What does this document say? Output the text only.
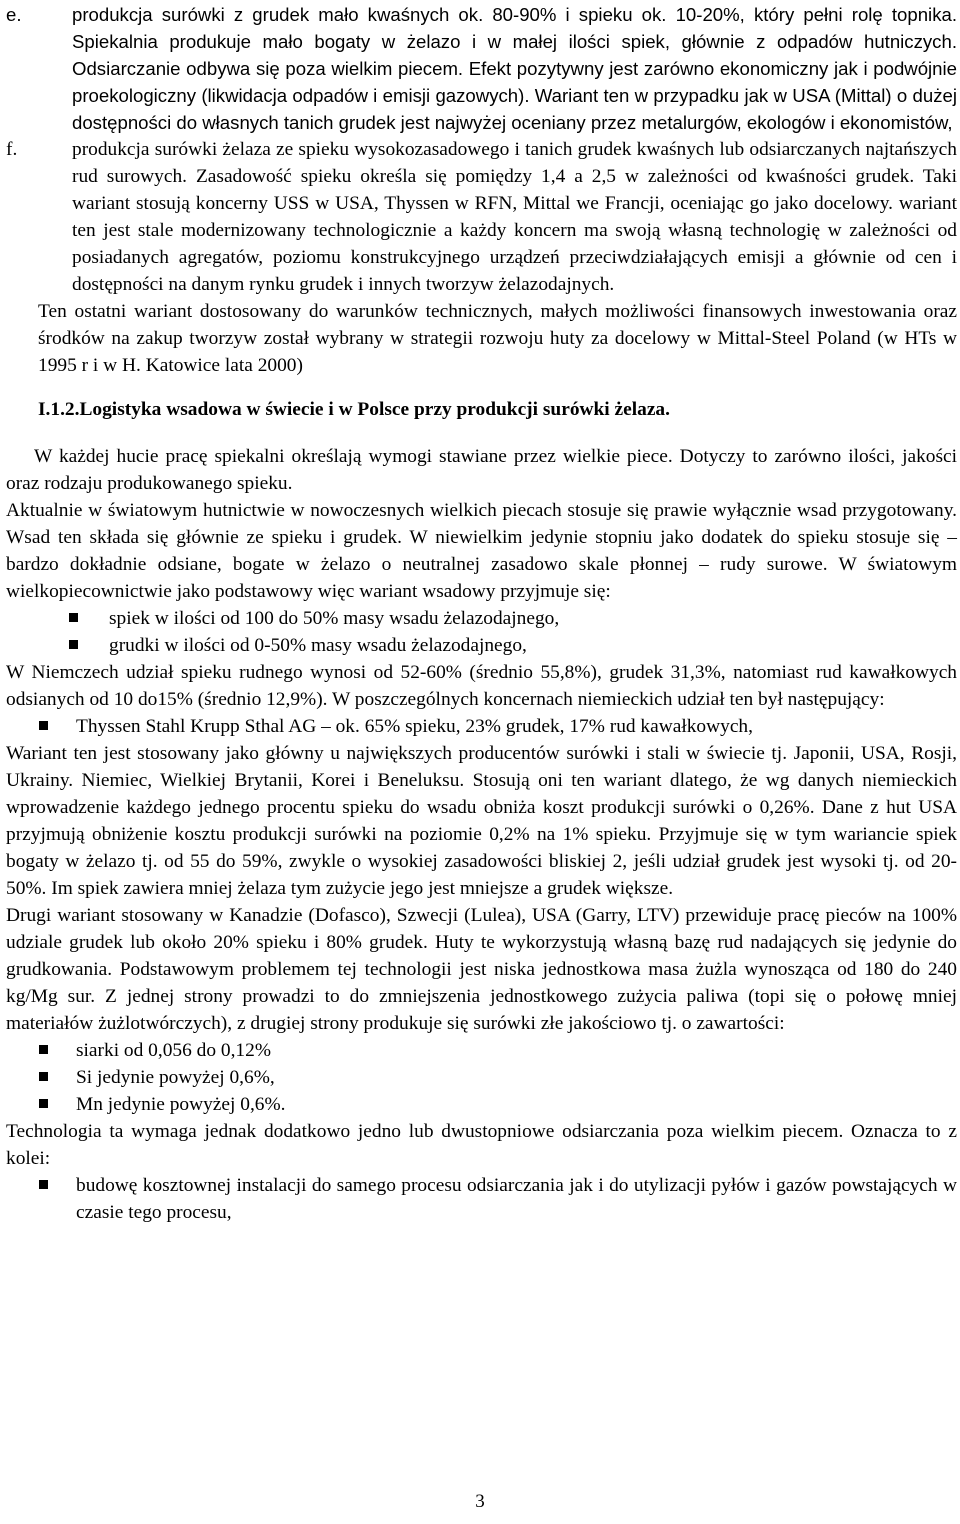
e.	produkcja surówki z grudek mało kwaśnych ok. 80-90% i spieku ok. 10-20%, który pełni rolę topnika. Spiekalnia produkuje mało bogaty w żelazo i w małej ilości spiek, głównie z odpadów hutniczych. Odsiarczanie odbywa się poza wielkim piecem. Efekt pozytywny jest zarówno ekonomiczny jak i podwójnie proekologiczny (likwidacja odpadów i emisji gazowych). Wariant ten w przypadku jak w USA (Mittal) o dużej dostępności do własnych tanich grudek jest najwyżej oceniany przez metalurgów, ekologów i ekonomistów,
f.	produkcja surówki żelaza ze spieku wysokozasadowego i tanich grudek kwaśnych lub odsiarczanych najtańszych rud surowych. Zasadowość spieku określa się pomiędzy 1,4 a 2,5 w zależności od kwaśności grudek. Taki wariant stosują koncerny USS w USA, Thyssen w RFN, Mittal we Francji, oceniając go jako docelowy. wariant ten jest stale modernizowany technologicznie a każdy koncern ma swoją własną technologię w zależności od posiadanych agregatów, poziomu konstrukcyjnego urządzeń przeciwdziałających emisji a głównie od cen i dostępności na danym rynku grudek i innych tworzyw żelazodajnych.
Ten ostatni wariant dostosowany do warunków technicznych, małych możliwości finansowych inwestowania oraz środków na zakup tworzyw został wybrany w strategii rozwoju huty za docelowy w Mittal-Steel Poland (w HTs w 1995 r i w H. Katowice lata 2000)
I.1.2.Logistyka wsadowa w świecie i w Polsce przy produkcji surówki żelaza.
W każdej hucie pracę spiekalni określają wymogi stawiane przez wielkie piece. Dotyczy to zarówno ilości, jakości oraz rodzaju produkowanego spieku.
Aktualnie w światowym hutnictwie w nowoczesnych wielkich piecach stosuje się prawie wyłącznie wsad przygotowany. Wsad ten składa się głównie ze spieku i grudek. W niewielkim jedynie stopniu jako dodatek do spieku stosuje się – bardzo dokładnie odsiane, bogate w żelazo o neutralnej zasadowo skale płonnej – rudy surowe. W światowym wielkopiecownictwie jako podstawowy więc wariant wsadowy przyjmuje się:
spiek w ilości od 100 do 50% masy wsadu żelazodajnego,
grudki w ilości od 0-50% masy wsadu żelazodajnego,
W Niemczech udział spieku rudnego wynosi od 52-60% (średnio 55,8%), grudek 31,3%, natomiast rud kawałkowych odsianych od 10 do15% (średnio 12,9%). W poszczególnych koncernach niemieckich udział ten był następujący:
Thyssen Stahl Krupp Sthal AG – ok. 65% spieku, 23% grudek, 17% rud kawałkowych,
Wariant ten jest stosowany jako główny u największych producentów surówki i stali w świecie tj. Japonii, USA, Rosji, Ukrainy. Niemiec, Wielkiej Brytanii, Korei i Beneluksu. Stosują oni ten wariant dlatego, że wg danych niemieckich wprowadzenie każdego jednego procentu spieku do wsadu obniża koszt produkcji surówki o 0,26%. Dane z hut USA przyjmują obniżenie kosztu produkcji surówki na poziomie 0,2% na 1% spieku. Przyjmuje się w tym wariancie spiek bogaty w żelazo tj. od 55 do 59%, zwykle o wysokiej zasadowości bliskiej 2, jeśli udział grudek jest wysoki tj. od 20-50%. Im spiek zawiera mniej żelaza tym zużycie jego jest mniejsze a grudek większe.
Drugi wariant stosowany w Kanadzie (Dofasco), Szwecji (Lulea), USA (Garry, LTV) przewiduje pracę pieców na 100% udziale grudek lub około 20% spieku i 80% grudek. Huty te wykorzystują własną bazę rud nadających się jedynie do grudkowania. Podstawowym problemem tej technologii jest niska jednostkowa masa żużla wynosząca od 180 do 240 kg/Mg sur. Z jednej strony prowadzi to do zmniejszenia jednostkowego zużycia paliwa (topi się o połowę mniej materiałów żużlotwórczych), z drugiej strony produkuje się surówki złe jakościowo tj. o zawartości:
siarki od 0,056 do 0,12%
Si jedynie powyżej 0,6%,
Mn jedynie powyżej 0,6%.
Technologia ta wymaga jednak dodatkowo jedno lub dwustopniowe odsiarczania poza wielkim piecem. Oznacza to z kolei:
budowę kosztownej instalacji do samego procesu odsiarczania jak i do utylizacji pyłów i gazów powstających w czasie tego procesu,
3
